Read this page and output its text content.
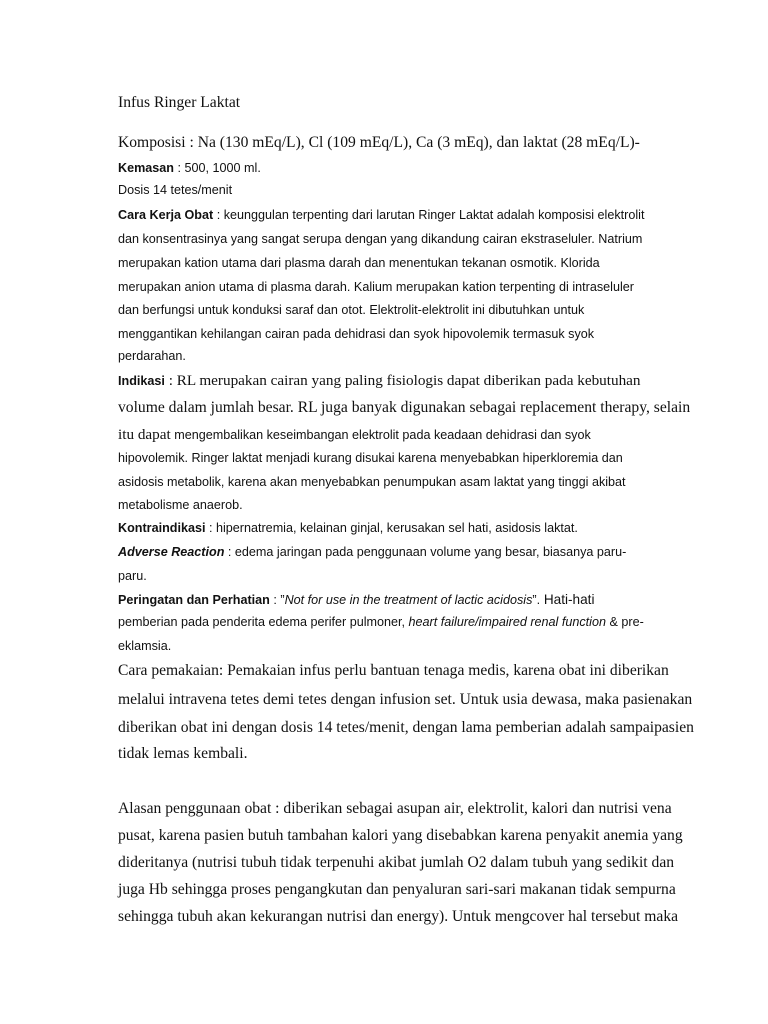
Infus Ringer Laktat

Komposisi : Na (130 mEq/L), Cl (109 mEq/L), Ca (3 mEq), dan laktat (28 mEq/L)-

Kemasan : 500, 1000 ml.

Dosis 14 tetes/menit

Cara Kerja Obat : keunggulan terpenting dari larutan Ringer Laktat adalah komposisi elektrolit

dan konsentrasinya yang sangat serupa dengan yang dikandung cairan ekstraseluler. Natrium

merupakan kation utama dari plasma darah dan menentukan tekanan osmotik. Klorida

merupakan anion utama di plasma darah. Kalium merupakan kation terpenting di intraseluler

dan berfungsi untuk konduksi saraf dan otot. Elektrolit-elektrolit ini dibutuhkan untuk

menggantikan kehilangan cairan pada dehidrasi dan syok hipovolemik termasuk syok

perdarahan.

Indikasi : RL merupakan cairan yang paling fisiologis dapat diberikan pada kebutuhan

volume dalam jumlah besar. RL juga banyak digunakan sebagai replacement therapy, selain

itu dapat mengembalikan keseimbangan elektrolit pada keadaan dehidrasi dan syok

hipovolemik. Ringer laktat menjadi kurang disukai karena menyebabkan hiperkloremia dan

asidosis metabolik, karena akan menyebabkan penumpukan asam laktat yang tinggi akibat

metabolisme anaerob.

Kontraindikasi : hipernatremia, kelainan ginjal, kerusakan sel hati, asidosis laktat.

Adverse Reaction : edema jaringan pada penggunaan volume yang besar, biasanya paru-

paru.

Peringatan dan Perhatian : ”Not for use in the treatment of lactic acidosis”. Hati-hati

pemberian pada penderita edema perifer pulmoner, heart failure/impaired renal function & pre-

eklamsia.

Cara pemakaian: Pemakaian infus perlu bantuan tenaga medis, karena obat ini diberikan

melalui intravena tetes demi tetes dengan infusion set. Untuk usia dewasa, maka pasienakan

diberikan obat ini dengan dosis 14 tetes/menit, dengan lama pemberian adalah sampaipasien

tidak lemas kembali.

Alasan penggunaan obat : diberikan sebagai asupan air, elektrolit, kalori dan nutrisi vena

pusat, karena pasien butuh tambahan kalori yang disebabkan karena penyakit anemia yang

dideritanya (nutrisi tubuh tidak terpenuhi akibat jumlah O2 dalam tubuh yang sedikit dan

juga Hb sehingga proses pengangkutan dan penyaluran sari-sari makanan tidak sempurna

sehingga tubuh akan kekurangan nutrisi dan energy). Untuk mengcover hal tersebut maka
